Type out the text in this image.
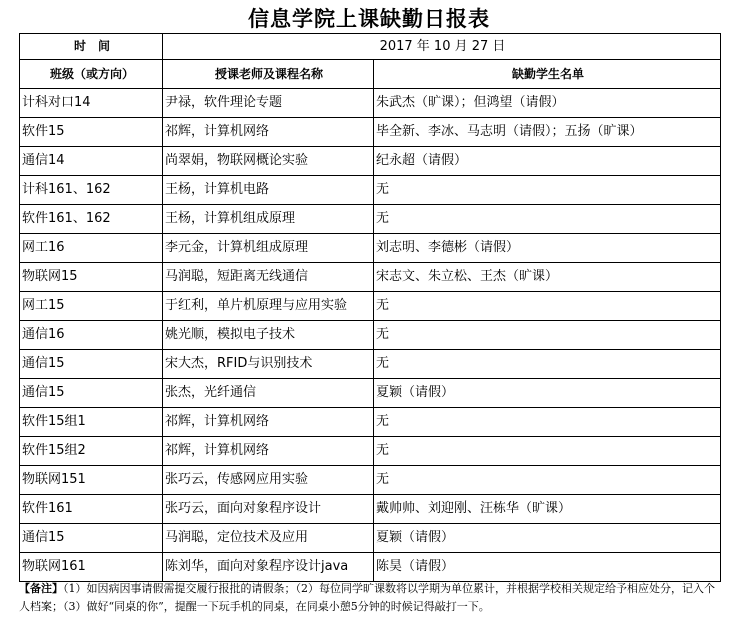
信息学院上课缺勤日报表
时　间	2017 年 10 月 27 日	
班级（或方向）	授课老师及课程名称	缺勤学生名单
计科对口14	尹禄，软件理论专题	朱武杰（旷课）；但鸿望（请假）
软件15	祁辉，计算机网络	毕全新、李冰、马志明（请假）；五扬（旷课）
通信14	尚翠娟，物联网概论实验	纪永超（请假）
计科161、162	王杨，计算机电路	无
软件161、162	王杨，计算机组成原理	无
网工16	李元金，计算机组成原理	刘志明、李德彬（请假）
物联网15	马润聪，短距离无线通信	宋志文、朱立松、王杰（旷课）
网工15	于红利，单片机原理与应用实验	无
通信16	姚光顺，模拟电子技术	无
通信15	宋大杰，RFID与识别技术	无
通信15	张杰，光纤通信	夏颖（请假）
软件15组1	祁辉，计算机网络	无
软件15组2	祁辉，计算机网络	无
物联网151	张巧云，传感网应用实验	无
软件161	张巧云，面向对象程序设计	戴帅帅、刘迎刚、汪栋华（旷课）
通信15	马润聪，定位技术及应用	夏颖（请假）
物联网161	陈刘华，面向对象程序设计java	陈昊（请假）
【备注】（1）如因病因事请假需提交履行报批的请假条；（2）每位同学旷课数将以学期为单位累计，并根据学校相关规定给予相应处分，记入个人档案；（3）做好“同桌的你”，提醒一下玩手机的同桌，在同桌小憩5分钟的时候记得敲打一下。
